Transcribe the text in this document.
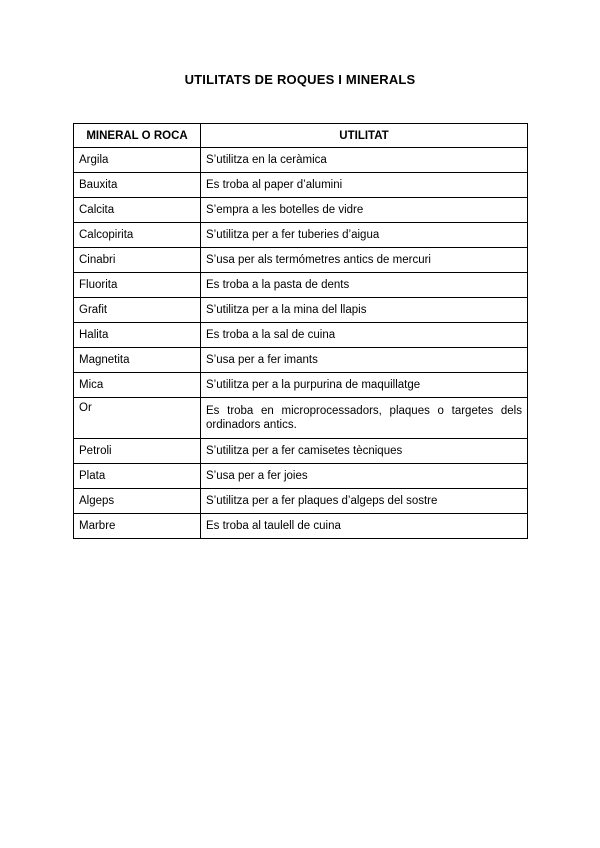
UTILITATS DE ROQUES I MINERALS
MINERAL O ROCA	UTILITAT
Argila	S’utilitza en la ceràmica
Bauxita	Es troba al paper d’alumini
Calcita	S’empra a les botelles de vidre
Calcopirita	S’utilitza per a fer tuberies d’aigua
Cinabri	S’usa per als termómetres antics de mercuri
Fluorita	Es troba a la pasta de dents
Grafit	S’utilitza per a la mina del llapis
Halita	Es troba a la sal de cuina
Magnetita	S’usa per a fer imants
Mica	S’utilitza per a la purpurina de maquillatge
Or	Es troba en microprocessadors, plaques o targetes dels ordinadors antics.
Petroli	S’utilitza per a fer camisetes tècniques
Plata	S’usa per a fer joies
Algeps	S’utilitza per a fer plaques d’algeps del sostre
Marbre	Es troba al taulell de cuina
